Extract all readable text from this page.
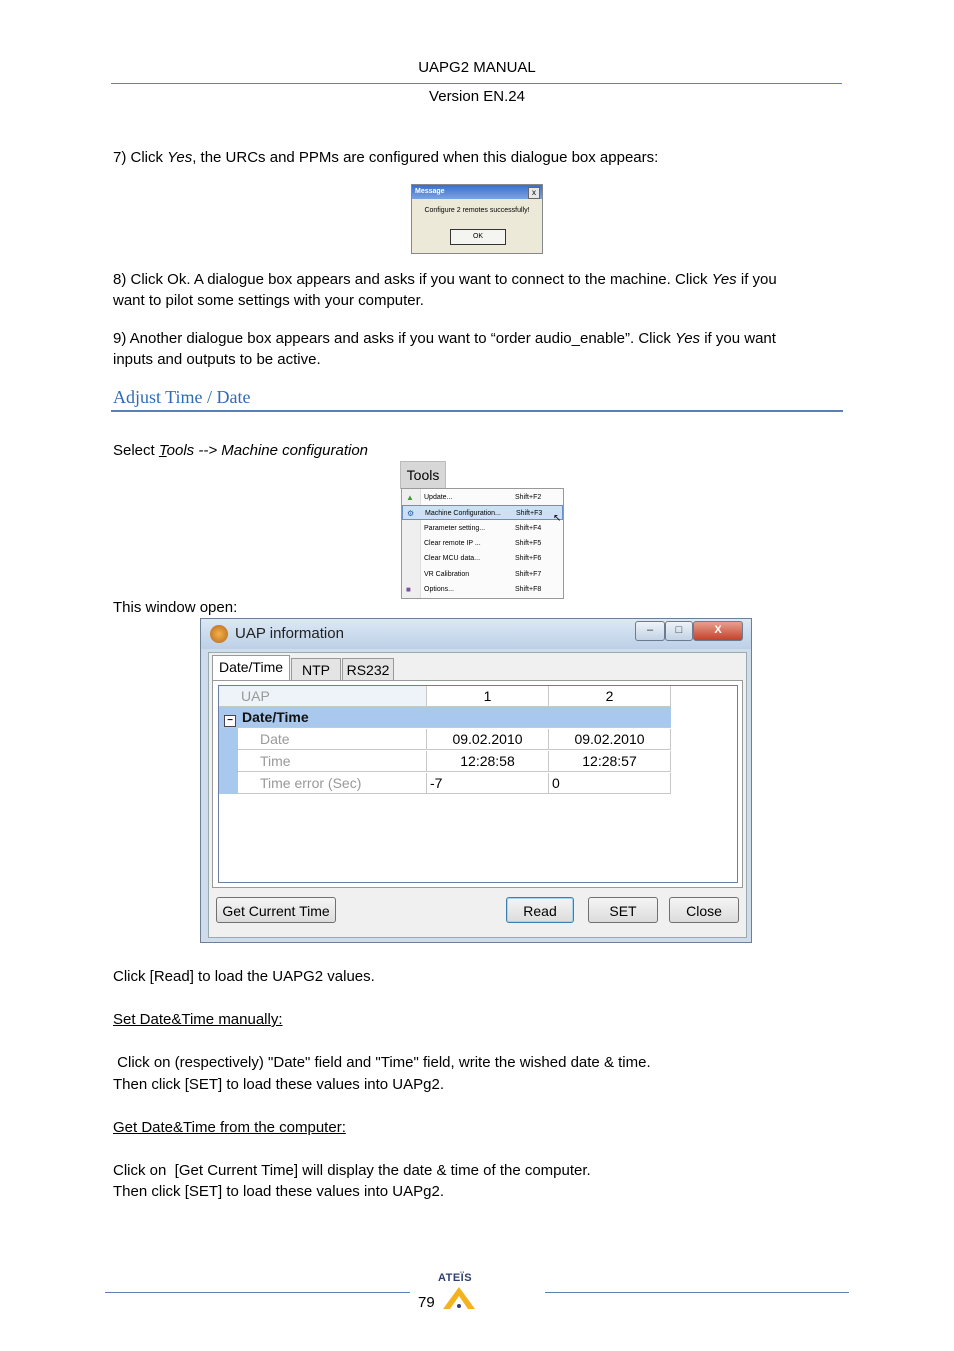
UAPG2 MANUAL
Version EN.24
7) Click Yes, the URCs and PPMs are configured when this dialogue box appears:
Message	x
Configure 2 remotes successfully!
OK
8) Click Ok. A dialogue box appears and asks if you want to connect to the machine. Click Yes if you
want to pilot some settings with your computer.
9) Another dialogue box appears and asks if you want to “order audio_enable”. Click Yes if you want
inputs and outputs to be active.
Adjust Time / Date
Select Tools --> Machine configuration
Tools
▲ Update...	Shift+F2
⚙ Machine Configuration... Shift+F3 ↖
Parameter setting...	Shift+F4
Clear remote IP ...	Shift+F5
Clear MCU data...	Shift+F6
VR Calibration	Shift+F7
■	Options...	Shift+F8
This window open:
UAP information	–	□	X
Date/Time	NTP	RS232
UAP	1	2
− Date/Time
Date	09.02.2010	09.02.2010
Time	12:28:58	12:28:57
Time error (Sec)	-7	0
Get Current Time	Read	SET	Close
Click [Read] to load the UAPG2 values.
Set Date&Time manually:
Click on (respectively) "Date" field and "Time" field, write the wished date & time.
Then click [SET] to load these values into UAPg2.
Get Date&Time from the computer:
Click on  [Get Current Time] will display the date & time of the computer.
Then click [SET] to load these values into UAPg2.
ATEÏS
79
